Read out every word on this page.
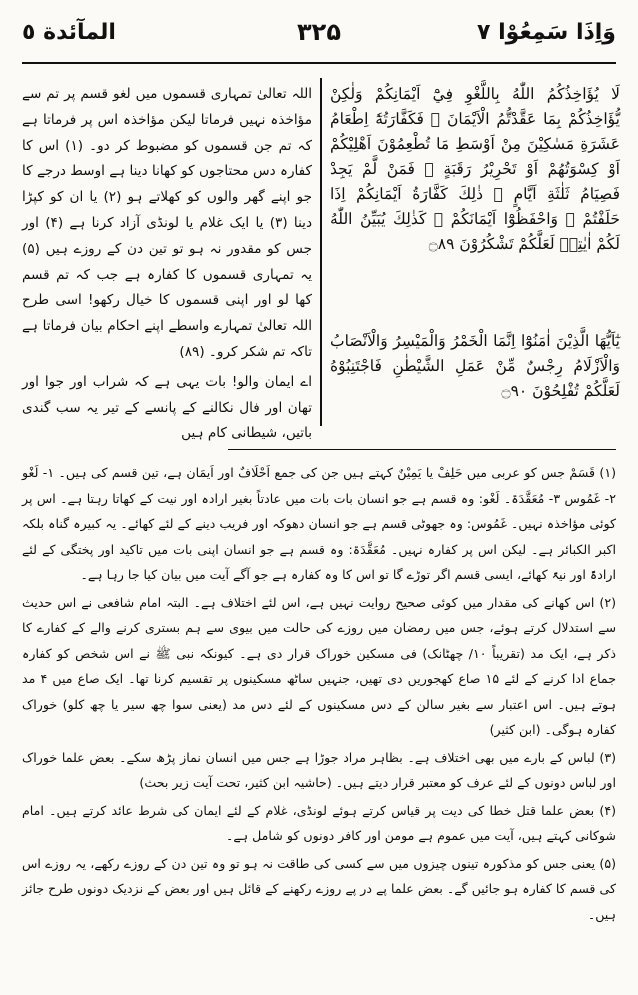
المآئدة ٥	۳۲۵	وَاِذَا سَمِعُوْا ۷

لَا يُؤَاخِذُكُمُ اللّٰهُ بِاللَّغْوِ فِيْٓ اَيْمَانِكُمْ وَلٰكِنْ يُّؤَاخِذُكُمْ بِمَا عَقَّدْتُّمُ الْاَيْمَانَ ۚ فَكَفَّارَتُهٗٓ اِطْعَامُ عَشَرَةِ مَسٰكِيْنَ مِنْ اَوْسَطِ مَا تُطْعِمُوْنَ اَهْلِيْكُمْ اَوْ كِسْوَتُهُمْ اَوْ تَحْرِيْرُ رَقَبَةٍ ۭ فَمَنْ لَّمْ يَجِدْ فَصِيَامُ ثَلٰثَةِ اَيَّامٍ ۭ ذٰلِكَ كَفَّارَةُ اَيْمَانِكُمْ اِذَا حَلَفْتُمْ ۭ وَاحْفَظُوْٓا اَيْمَانَكُمْ ۭ كَذٰلِكَ يُبَيِّنُ اللّٰهُ لَكُمْ اٰيٰتِهٖ لَعَلَّكُمْ تَشْكُرُوْنَ ۝٨٩

يٰٓاَيُّهَا الَّذِيْنَ اٰمَنُوْٓا اِنَّمَا الْخَمْرُ وَالْمَيْسِرُ وَالْاَنْصَابُ وَالْاَزْلَامُ رِجْسٌ مِّنْ عَمَلِ الشَّيْطٰنِ فَاجْتَنِبُوْهُ لَعَلَّكُمْ تُفْلِحُوْنَ ۝٩٠

اللہ تعالیٰ تمہاری قسموں میں لغو قسم پر تم سے مؤاخذہ نہیں فرماتا لیکن مؤاخذہ اس پر فرماتا ہے کہ تم جن قسموں کو مضبوط کر دو۔ (۱) اس کا کفارہ دس محتاجوں کو کھانا دینا ہے اوسط درجے کا جو اپنے گھر والوں کو کھلاتے ہو (۲) یا ان کو کپڑا دینا (۳) یا ایک غلام یا لونڈی آزاد کرنا ہے (۴) اور جس کو مقدور نہ ہو تو تین دن کے روزے ہیں (۵) یہ تمہاری قسموں کا کفارہ ہے جب کہ تم قسم کھا لو اور اپنی قسموں کا خیال رکھو! اسی طرح اللہ تعالیٰ تمہارے واسطے اپنے احکام بیان فرماتا ہے تاکہ تم شکر کرو۔ (۸۹)

اے ایمان والو! بات یہی ہے کہ شراب اور جوا اور تھان اور فال نکالنے کے پانسے کے تیر یہ سب گندی باتیں، شیطانی کام ہیں

(۱) قَسَمْ جس کو عربی میں حَلِفْ یا یَمِیْنٌ کہتے ہیں جن کی جمع اَحْلَافٌ اور اَیمَان ہے، تین قسم کی ہیں۔ ۱- لَغْو ۲- غَمُوس ۳- مُعَقَّدَۃ۔ لَغْو: وہ قسم ہے جو انسان بات بات میں عادتاً بغیر ارادہ اور نیت کے کھاتا رہتا ہے۔ اس پر کوئی مؤاخذہ نہیں۔ غَمُوس: وہ جھوٹی قسم ہے جو انسان دھوکہ اور فریب دینے کے لئے کھائے۔ یہ کبیرہ گناہ بلکہ اکبر الکبائر ہے۔ لیکن اس پر کفارہ نہیں۔ مُعَقَّدَۃ: وہ قسم ہے جو انسان اپنی بات میں تاکید اور پختگی کے لئے ارادۃً اور نیۃً کھائے، ایسی قسم اگر توڑے گا تو اس کا وہ کفارہ ہے جو آگے آیت میں بیان کیا جا رہا ہے۔

(۲) اس کھانے کی مقدار میں کوئی صحیح روایت نہیں ہے، اس لئے اختلاف ہے۔ البتہ امام شافعی نے اس حدیث سے استدلال کرتے ہوئے، جس میں رمضان میں روزے کی حالت میں بیوی سے ہم بستری کرنے والے کے کفارے کا ذکر ہے، ایک مد (تقریباً ۱۰/ چھٹانک) فی مسکین خوراک قرار دی ہے۔ کیونکہ نبی ﷺ نے اس شخص کو کفارہ جماع ادا کرنے کے لئے ۱۵ صاع کھجوریں دی تھیں، جنہیں ساٹھ مسکینوں پر تقسیم کرنا تھا۔ ایک صاع میں ۴ مد ہوتے ہیں۔ اس اعتبار سے بغیر سالن کے دس مسکینوں کے لئے دس مد (یعنی سوا چھ سیر یا چھ کلو) خوراک کفارہ ہوگی۔ (ابن کثیر)

(۳) لباس کے بارے میں بھی اختلاف ہے۔ بظاہر مراد جوڑا ہے جس میں انسان نماز پڑھ سکے۔ بعض علما خوراک اور لباس دونوں کے لئے عرف کو معتبر قرار دیتے ہیں۔ (حاشیہ ابن کثیر، تحت آیت زیر بحث)

(۴) بعض علما قتل خطا کی دیت پر قیاس کرتے ہوئے لونڈی، غلام کے لئے ایمان کی شرط عائد کرتے ہیں۔ امام شوکانی کہتے ہیں، آیت میں عموم ہے مومن اور کافر دونوں کو شامل ہے۔

(۵) یعنی جس کو مذکورہ تینوں چیزوں میں سے کسی کی طاقت نہ ہو تو وہ تین دن کے روزے رکھے، یہ روزے اس کی قسم کا کفارہ ہو جائیں گے۔ بعض علما پے در پے روزے رکھنے کے قائل ہیں اور بعض کے نزدیک دونوں طرح جائز ہیں۔
